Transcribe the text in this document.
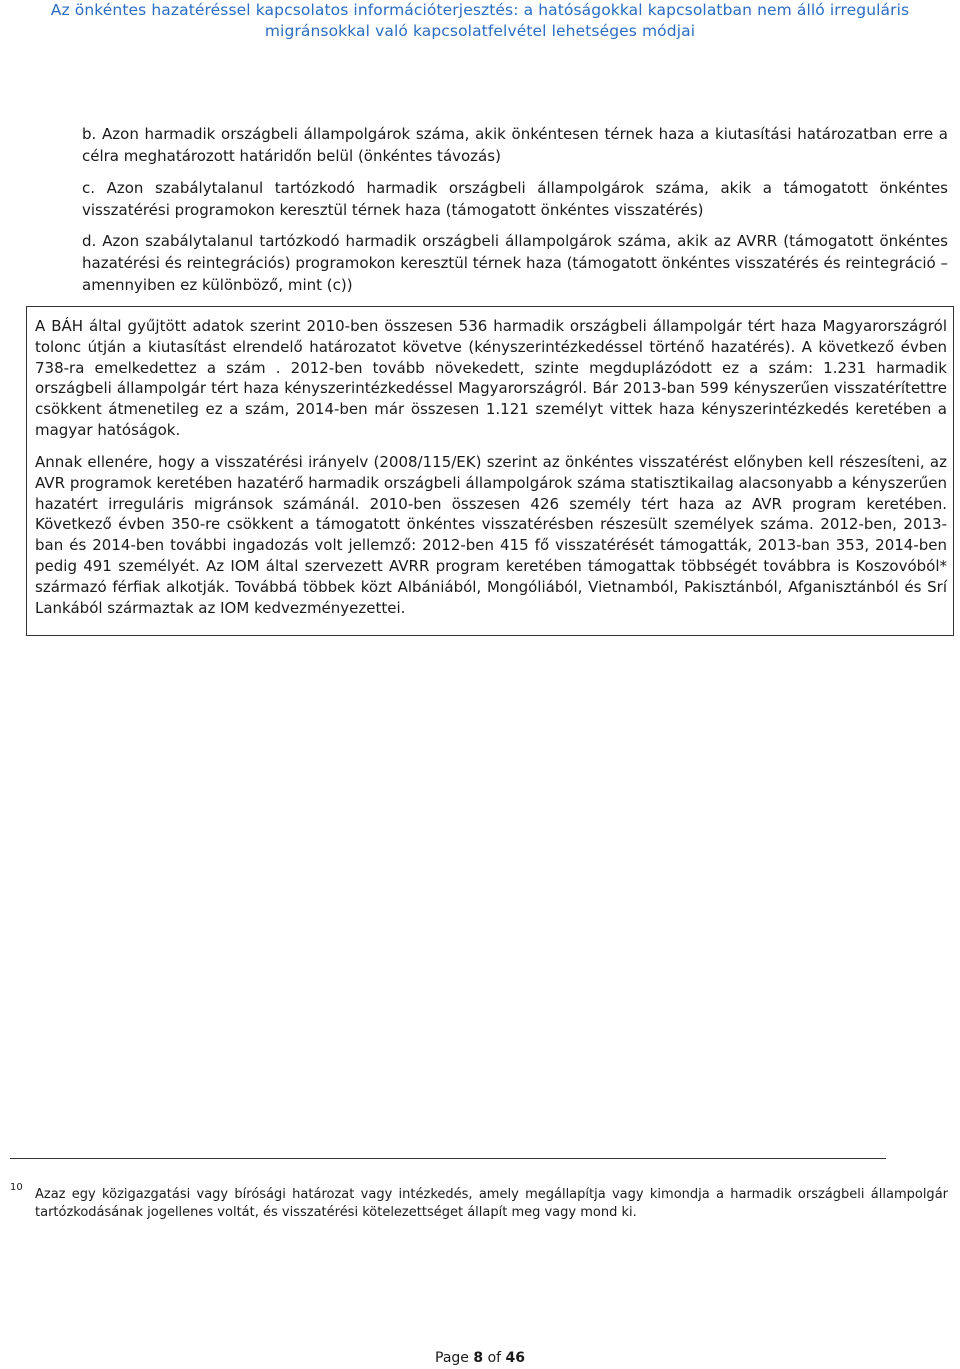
Az önkéntes hazatéréssel kapcsolatos információterjesztés: a hatóságokkal kapcsolatban nem álló irreguláris
migránsokkal való kapcsolatfelvétel lehetséges módjai

b. Azon harmadik országbeli állampolgárok száma, akik önkéntesen térnek haza a kiutasítási határozatban erre a célra meghatározott határidőn belül (önkéntes távozás)

c. Azon szabálytalanul tartózkodó harmadik országbeli állampolgárok száma, akik a támogatott önkéntes visszatérési programokon keresztül térnek haza (támogatott önkéntes visszatérés)

d. Azon szabálytalanul tartózkodó harmadik országbeli állampolgárok száma, akik az AVRR (támogatott önkéntes hazatérési és reintegrációs) programokon keresztül térnek haza (támogatott önkéntes visszatérés és reintegráció – amennyiben ez különböző, mint (c))

A BÁH által gyűjtött adatok szerint 2010-ben összesen 536 harmadik országbeli állampolgár tért haza Magyarországról tolonc útján a kiutasítást elrendelő határozatot követve (kényszerintézkedéssel történő hazatérés). A következő évben 738-ra emelkedettez a szám . 2012-ben tovább növekedett, szinte megduplázódott ez a szám: 1.231 harmadik országbeli állampolgár tért haza kényszerintézkedéssel Magyarországról. Bár 2013-ban 599 kényszerűen visszatérítettre csökkent átmenetileg ez a szám, 2014-ben már összesen 1.121 személyt vittek haza kényszerintézkedés keretében a magyar hatóságok.

Annak ellenére, hogy a visszatérési irányelv (2008/115/EK) szerint az önkéntes visszatérést előnyben kell részesíteni, az AVR programok keretében hazatérő harmadik országbeli állampolgárok száma statisztikailag alacsonyabb a kényszerűen hazatért irreguláris migránsok számánál. 2010-ben összesen 426 személy tért haza az AVR program keretében. Következő évben 350-re csökkent a támogatott önkéntes visszatérésben részesült személyek száma. 2012-ben, 2013-ban és 2014-ben további ingadozás volt jellemző: 2012-ben 415 fő visszatérését támogatták, 2013-ban 353, 2014-ben pedig 491 személyét. Az IOM által szervezett AVRR program keretében támogattak többségét továbbra is Koszovóból* származó férfiak alkotják. Továbbá többek közt Albániából, Mongóliából, Vietnamból, Pakisztánból, Afganisztánból és Srí Lankából származtak az IOM kedvezményezettei.

10 Azaz egy közigazgatási vagy bírósági határozat vagy intézkedés, amely megállapítja vagy kimondja a harmadik országbeli állampolgár tartózkodásának jogellenes voltát, és visszatérési kötelezettséget állapít meg vagy mond ki.
Page 8 of 46
